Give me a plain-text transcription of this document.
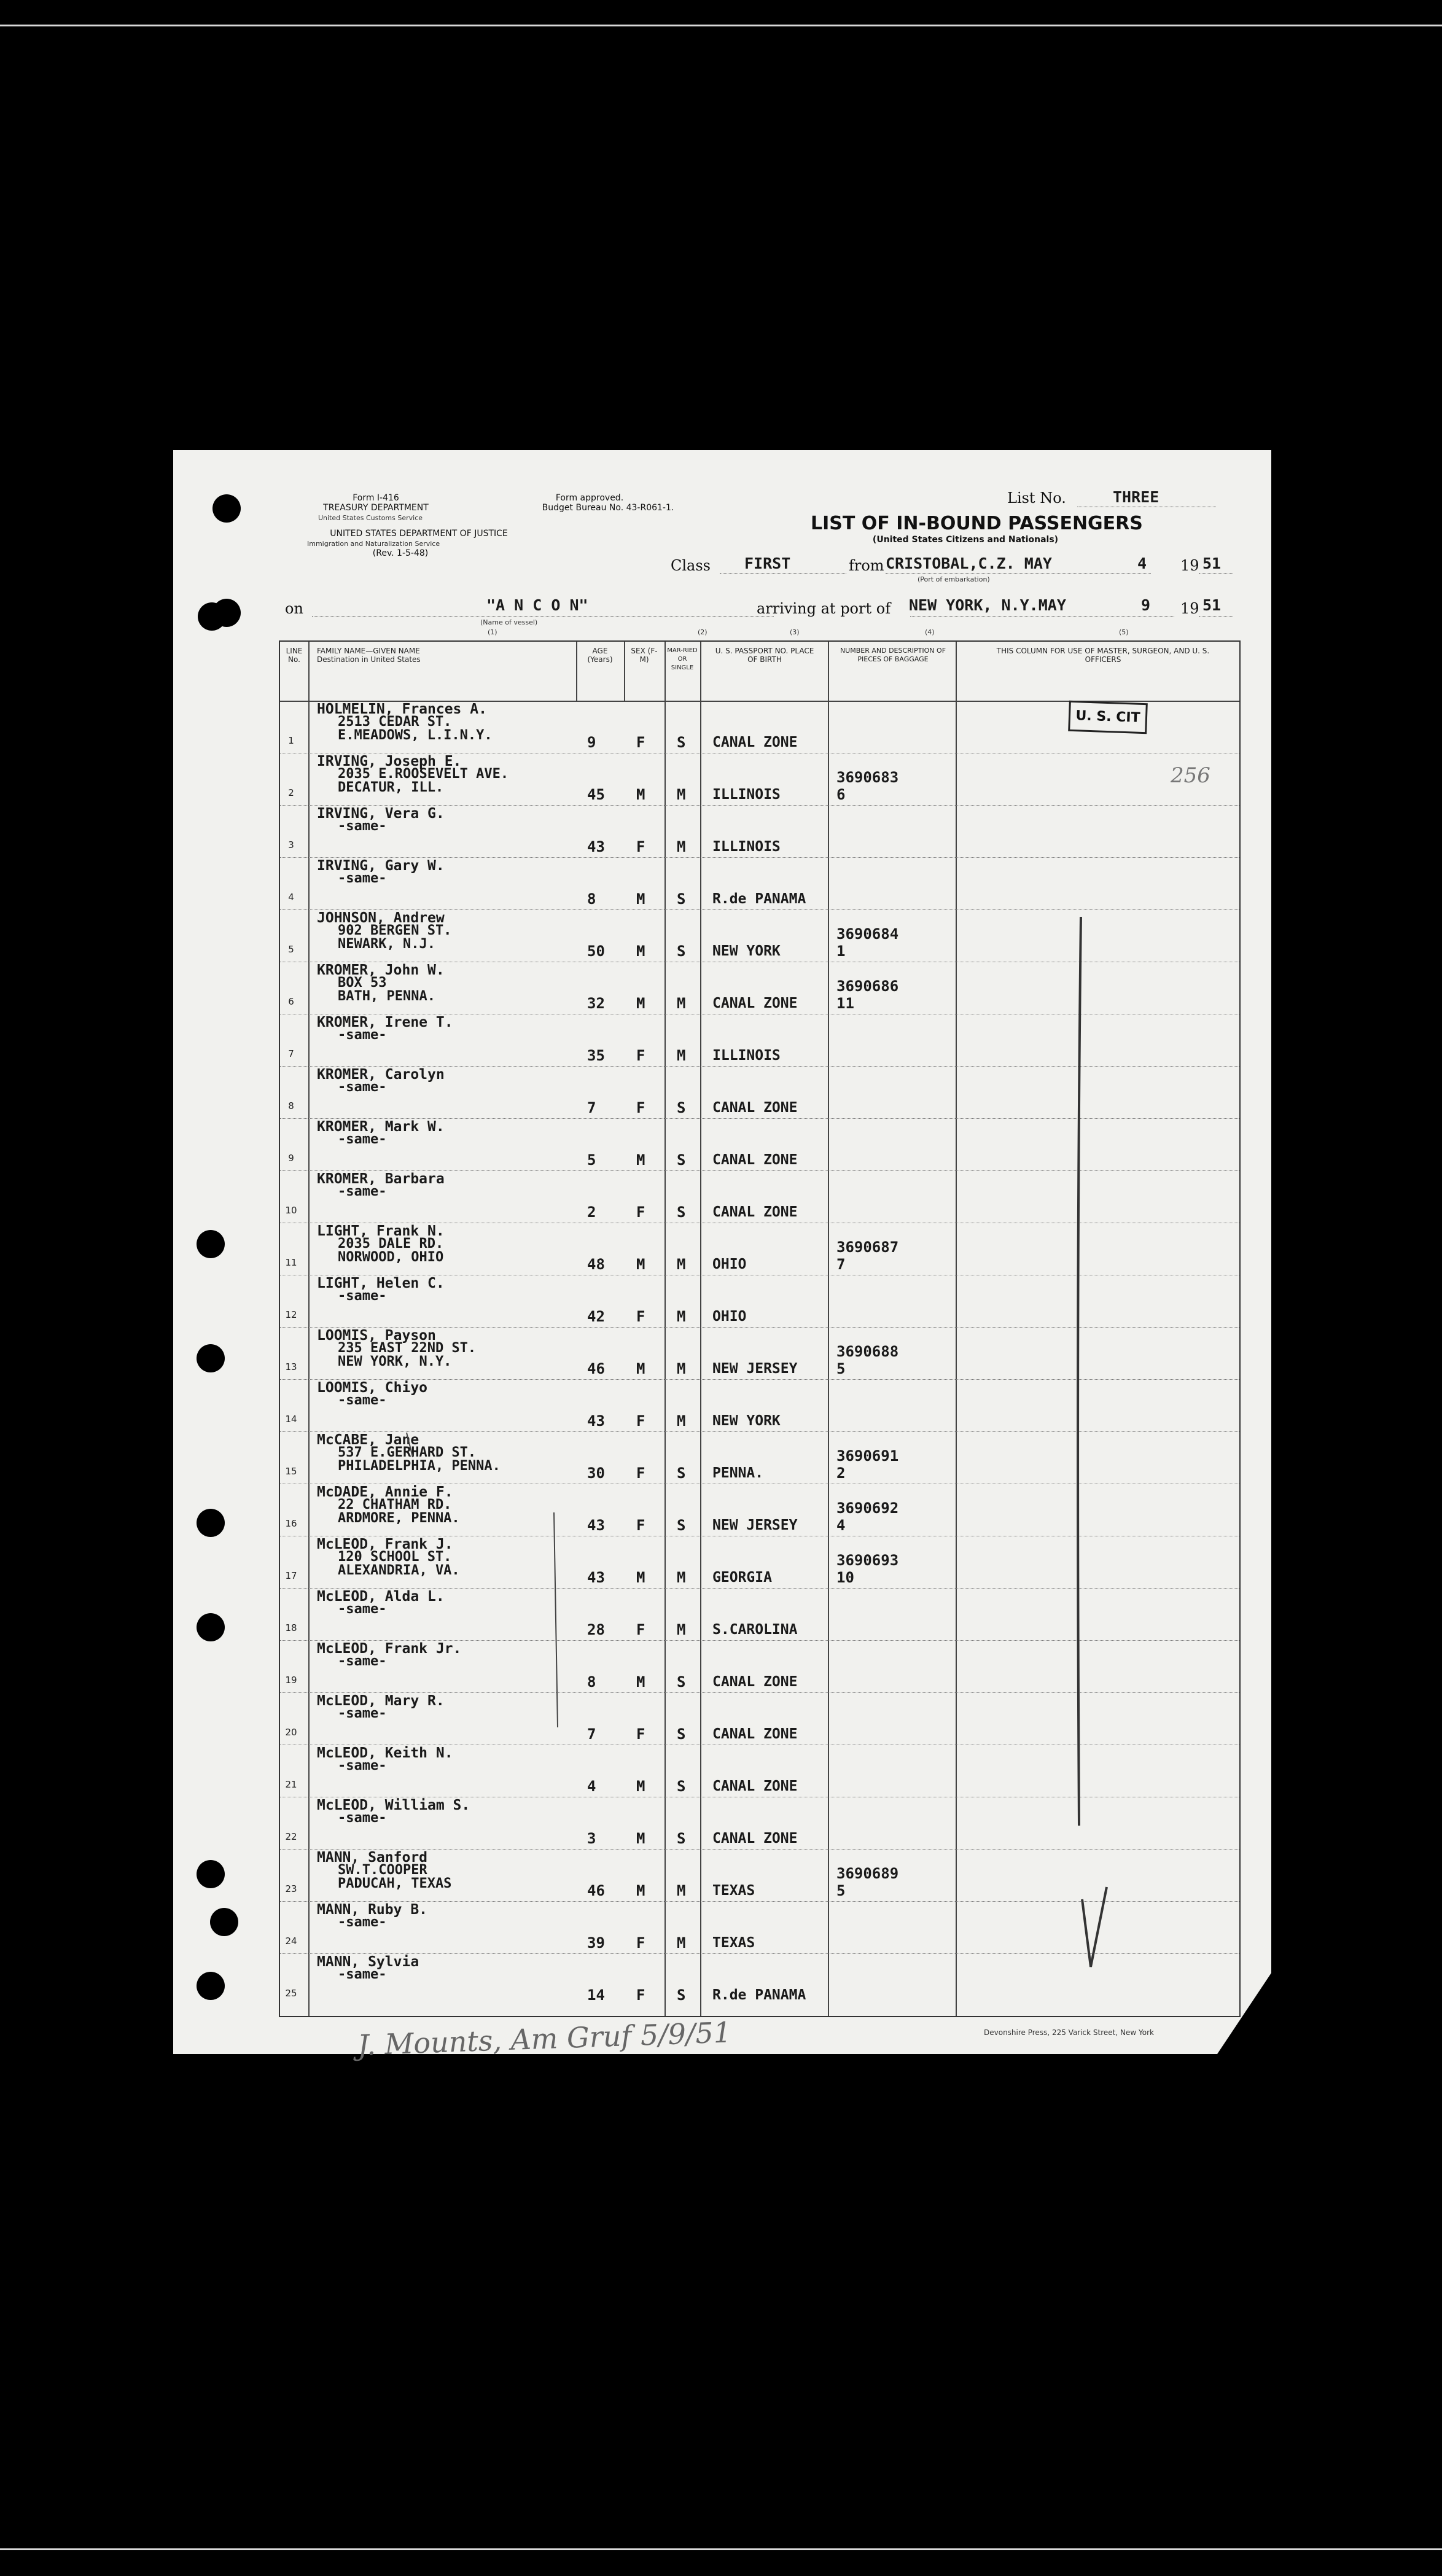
Form I-416
TREASURY DEPARTMENT
United States Customs Service
Form approved.
Budget Bureau No. 43-R061-1.
UNITED STATES DEPARTMENT OF JUSTICE
Immigration and Naturalization Service
(Rev. 1-5-48)
List No.	THREE
LIST OF IN-BOUND PASSENGERS
(United States Citizens and Nationals)
Class FIRST	from CRISTOBAL,C.Z. MAY	4 19 51
(Port of embarkation)
on	"A N C O N"
(Name of vessel)
arriving at port of NEW YORK, N.Y.MAY	9 19 51
(1)	(2)	(3)	(4)	(5)
LINE No.
FAMILY NAME—GIVEN NAME
Destination in United States
AGE (Years)
SEX (F-M)
MAR-RIED OR SINGLE
U. S. PASSPORT NO. PLACE OF BIRTH
NUMBER AND DESCRIPTION OF PIECES OF BAGGAGE
THIS COLUMN FOR USE OF MASTER, SURGEON, AND U. S. OFFICERS
1
HOLMELIN, Frances A.
2513 CEDAR ST.
E.MEADOWS, L.I.N.Y.	9	F S CANAL ZONE
2
IRVING, Joseph E.
2035 E.ROOSEVELT AVE.
DECATUR, ILL.	45 M M ILLINOIS
3690683
6
3
IRVING, Vera G.
-same-
43 F M ILLINOIS
4
IRVING, Gary W.
-same-
8	M S R.de PANAMA
5
JOHNSON, Andrew
902 BERGEN ST.
NEWARK, N.J.	50 M S NEW YORK
3690684
1
6
KROMER, John W.
BOX 53
BATH, PENNA.	32 M M CANAL ZONE
3690686
11
7
KROMER, Irene T.
-same-
35 F M ILLINOIS
8
KROMER, Carolyn
-same-
7	F S CANAL ZONE
9
KROMER, Mark W.
-same-
5	M S CANAL ZONE
10
KROMER, Barbara
-same-
2	F S CANAL ZONE
11
LIGHT, Frank N.
2035 DALE RD.
NORWOOD, OHIO	48 M M OHIO
3690687
7
12
LIGHT, Helen C.
-same-
42 F M OHIO
13
LOOMIS, Payson
235 EAST 22ND ST.
NEW YORK, N.Y.	46 M M NEW JERSEY
3690688
5
14
LOOMIS, Chiyo
-same-
43 F M NEW YORK
15
McCABE, Jane
537 E.GERHARD ST.
PHILADELPHIA, PENNA.	30 F S PENNA.
3690691
2
16
McDADE, Annie F.
22 CHATHAM RD.
ARDMORE, PENNA.	43 F S NEW JERSEY
3690692
4
17
McLEOD, Frank J.
120 SCHOOL ST.
ALEXANDRIA, VA.	43 M M GEORGIA
3690693
10
18
McLEOD, Alda L.
-same-
28 F M S.CAROLINA
19
McLEOD, Frank Jr.
-same-
8	M S CANAL ZONE
20
McLEOD, Mary R.
-same-
7	F S CANAL ZONE
21
McLEOD, Keith N.
-same-
4	M S CANAL ZONE
22
McLEOD, William S.
-same-
3	M S CANAL ZONE
23
MANN, Sanford
SW.T.COOPER
PADUCAH, TEXAS	46 M M TEXAS
3690689
5
24
MANN, Ruby B.
-same-
39 F M TEXAS
25
MANN, Sylvia
-same-
14 F S R.de PANAMA
U. S. CIT
256
Devonshire Press, 225 Varick Street, New York
J. Mounts, Am Gruf 5/9/51
